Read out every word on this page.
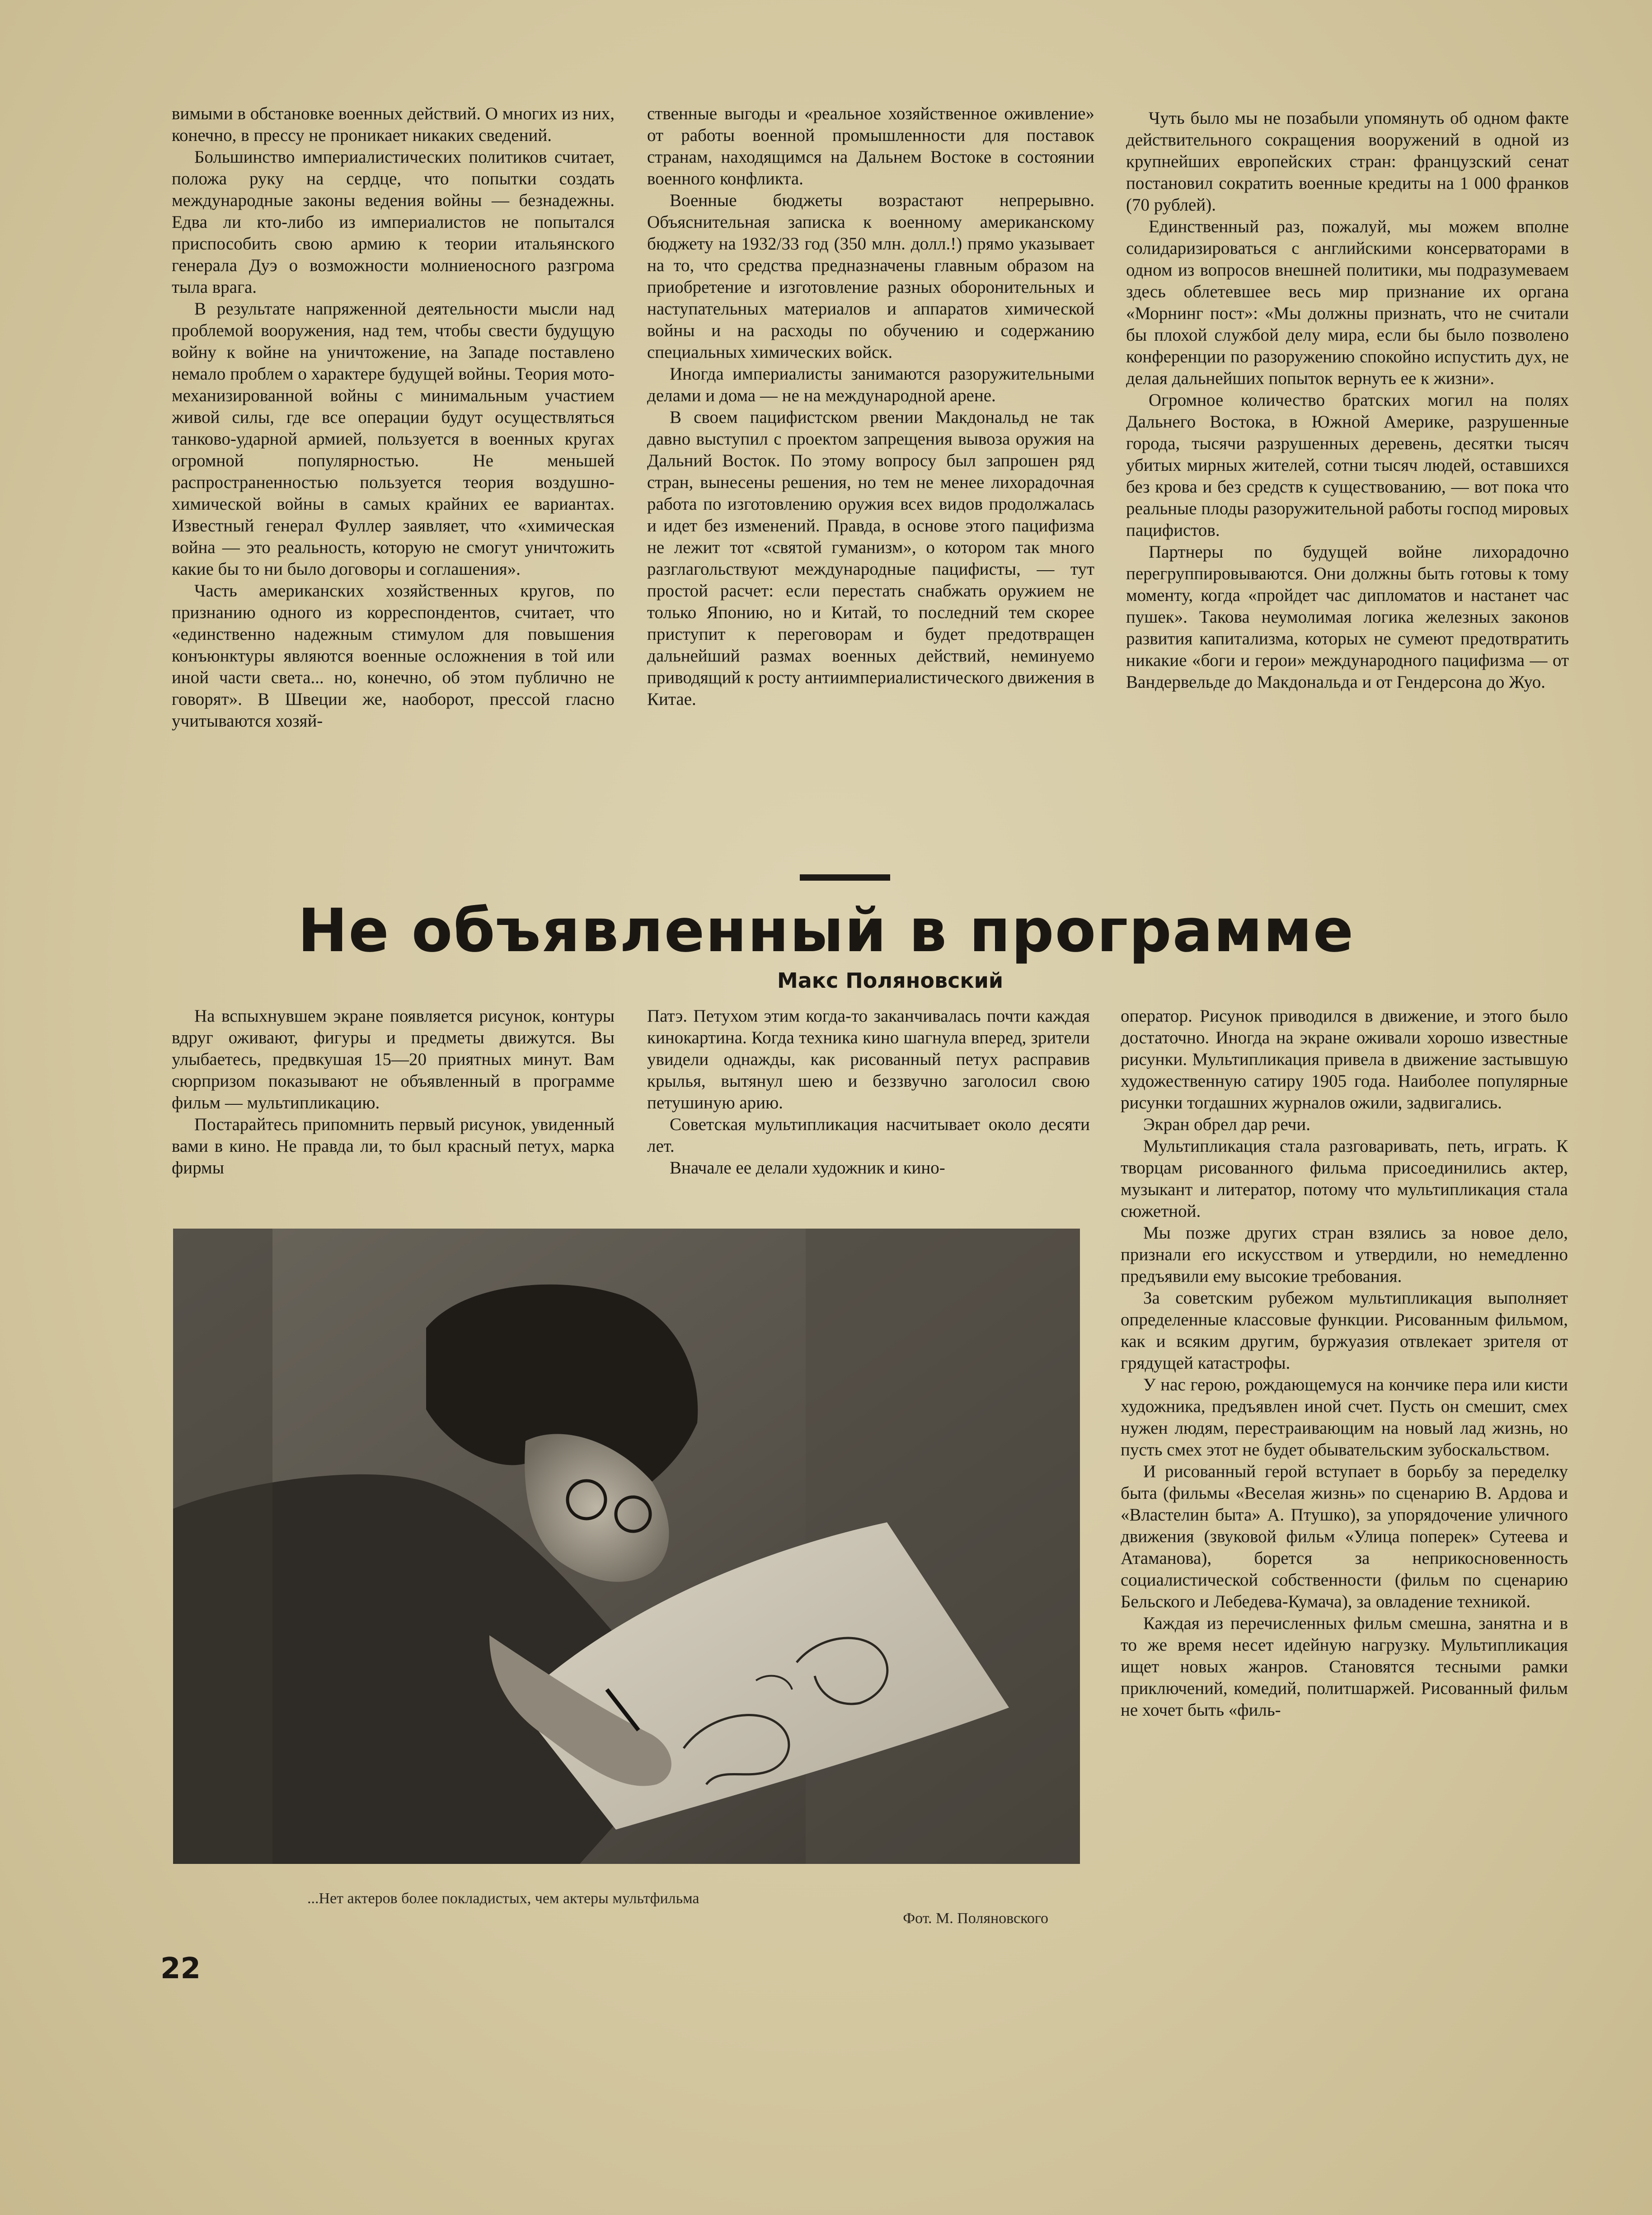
вимыми в обстановке военных действий. О многих из них, конечно, в прессу не проникает никаких сведений.

Большинство империалистических политиков считает, положа руку на сердце, что попытки создать международные законы ведения войны — безнадежны. Едва ли кто-либо из империалистов не попытался приспособить свою армию к теории итальянского генерала Дуэ о возможности молниеносного разгрома тыла врага.

В результате напряженной деятельности мысли над проблемой вооружения, над тем, чтобы свести будущую войну к войне на уничтожение, на Западе поставлено немало проблем о характере будущей войны. Теория мото-механизированной войны с минимальным участием живой силы, где все операции будут осуществляться танково-ударной армией, пользуется в военных кругах огромной популярностью. Не меньшей распространенностью пользуется теория воздушно-химической войны в самых крайних ее вариантах. Известный генерал Фуллер заявляет, что «химическая война — это реальность, которую не смогут уничтожить какие бы то ни было договоры и соглашения».

Часть американских хозяйственных кругов, по признанию одного из корреспондентов, считает, что «единственно надежным стимулом для повышения конъюнктуры являются военные осложнения в той или иной части света... но, конечно, об этом публично не говорят». В Швеции же, наоборот, прессой гласно учитываются хозяй-

ственные выгоды и «реальное хозяйственное оживление» от работы военной промышленности для поставок странам, находящимся на Дальнем Востоке в состоянии военного конфликта.

Военные бюджеты возрастают непрерывно. Объяснительная записка к военному американскому бюджету на 1932/33 год (350 млн. долл.!) прямо указывает на то, что средства предназначены главным образом на приобретение и изготовление разных оборонительных и наступательных материалов и аппаратов химической войны и на расходы по обучению и содержанию специальных химических войск.

Иногда империалисты занимаются разоружительными делами и дома — не на международной арене.

В своем пацифистском рвении Макдональд не так давно выступил с проектом запрещения вывоза оружия на Дальний Восток. По этому вопросу был запрошен ряд стран, вынесены решения, но тем не менее лихорадочная работа по изготовлению оружия всех видов продолжалась и идет без изменений. Правда, в основе этого пацифизма не лежит тот «святой гуманизм», о котором так много разглагольствуют международные пацифисты, — тут простой расчет: если перестать снабжать оружием не только Японию, но и Китай, то последний тем скорее приступит к переговорам и будет предотвращен дальнейший размах военных действий, неминуемо приводящий к росту антиимпериалистического движения в Китае.

Чуть было мы не позабыли упомянуть об одном факте действительного сокращения вооружений в одной из крупнейших европейских стран: французский сенат постановил сократить военные кредиты на 1 000 франков (70 рублей).

Единственный раз, пожалуй, мы можем вполне солидаризироваться с английскими консерваторами в одном из вопросов внешней политики, мы подразумеваем здесь облетевшее весь мир признание их органа «Морнинг пост»: «Мы должны признать, что не считали бы плохой службой делу мира, если бы было позволено конференции по разоружению спокойно испустить дух, не делая дальнейших попыток вернуть ее к жизни».

Огромное количество братских могил на полях Дальнего Востока, в Южной Америке, разрушенные города, тысячи разрушенных деревень, десятки тысяч убитых мирных жителей, сотни тысяч людей, оставшихся без крова и без средств к существованию, — вот пока что реальные плоды разоружительной работы господ мировых пацифистов.

Партнеры по будущей войне лихорадочно перегруппировываются. Они должны быть готовы к тому моменту, когда «пройдет час дипломатов и настанет час пушек». Такова неумолимая логика железных законов развития капитализма, которых не сумеют предотвратить никакие «боги и герои» международного пацифизма — от Вандервельде до Макдональда и от Гендерсона до Жуо.

Не объявленный в программе
Макс Поляновский

На вспыхнувшем экране появляется рисунок, контуры вдруг оживают, фигуры и предметы движутся. Вы улыбаетесь, предвкушая 15—20 приятных минут. Вам сюрпризом показывают не объявленный в программе фильм — мультипликацию.

Постарайтесь припомнить первый рисунок, увиденный вами в кино. Не правда ли, то был красный петух, марка фирмы

Патэ. Петухом этим когда-то заканчивалась почти каждая кинокартина. Когда техника кино шагнула вперед, зрители увидели однажды, как рисованный петух расправив крылья, вытянул шею и беззвучно заголосил свою петушиную арию.

Советская мультипликация насчитывает около десяти лет.

Вначале ее делали художник и кино-

оператор. Рисунок приводился в движение, и этого было достаточно. Иногда на экране оживали хорошо известные рисунки. Мультипликация привела в движение застывшую художественную сатиру 1905 года. Наиболее популярные рисунки тогдашних журналов ожили, задвигались.

Экран обрел дар речи.

Мультипликация стала разговаривать, петь, играть. К творцам рисованного фильма присоединились актер, музыкант и литератор, потому что мультипликация стала сюжетной.

Мы позже других стран взялись за новое дело, признали его искусством и утвердили, но немедленно предъявили ему высокие требования.

За советским рубежом мультипликация выполняет определенные классовые функции. Рисованным фильмом, как и всяким другим, буржуазия отвлекает зрителя от грядущей катастрофы.

У нас герою, рождающемуся на кончике пера или кисти художника, предъявлен иной счет. Пусть он смешит, смех нужен людям, перестраивающим на новый лад жизнь, но пусть смех этот не будет обывательским зубоскальством.

И рисованный герой вступает в борьбу за переделку быта (фильмы «Веселая жизнь» по сценарию В. Ардова и «Властелин быта» А. Птушко), за упорядочение уличного движения (звуковой фильм «Улица поперек» Сутеева и Атаманова), борется за неприкосновенность социалистической собственности (фильм по сценарию Бельского и Лебедева-Кумача), за овладение техникой.

Каждая из перечисленных фильм смешна, занятна и в то же время несет идейную нагрузку. Мультипликация ищет новых жанров. Становятся тесными рамки приключений, комедий, политшаржей. Рисованный фильм не хочет быть «филь-

...Нет актеров более покладистых, чем актеры мультфильма
Фот. М. Поляновского
22
